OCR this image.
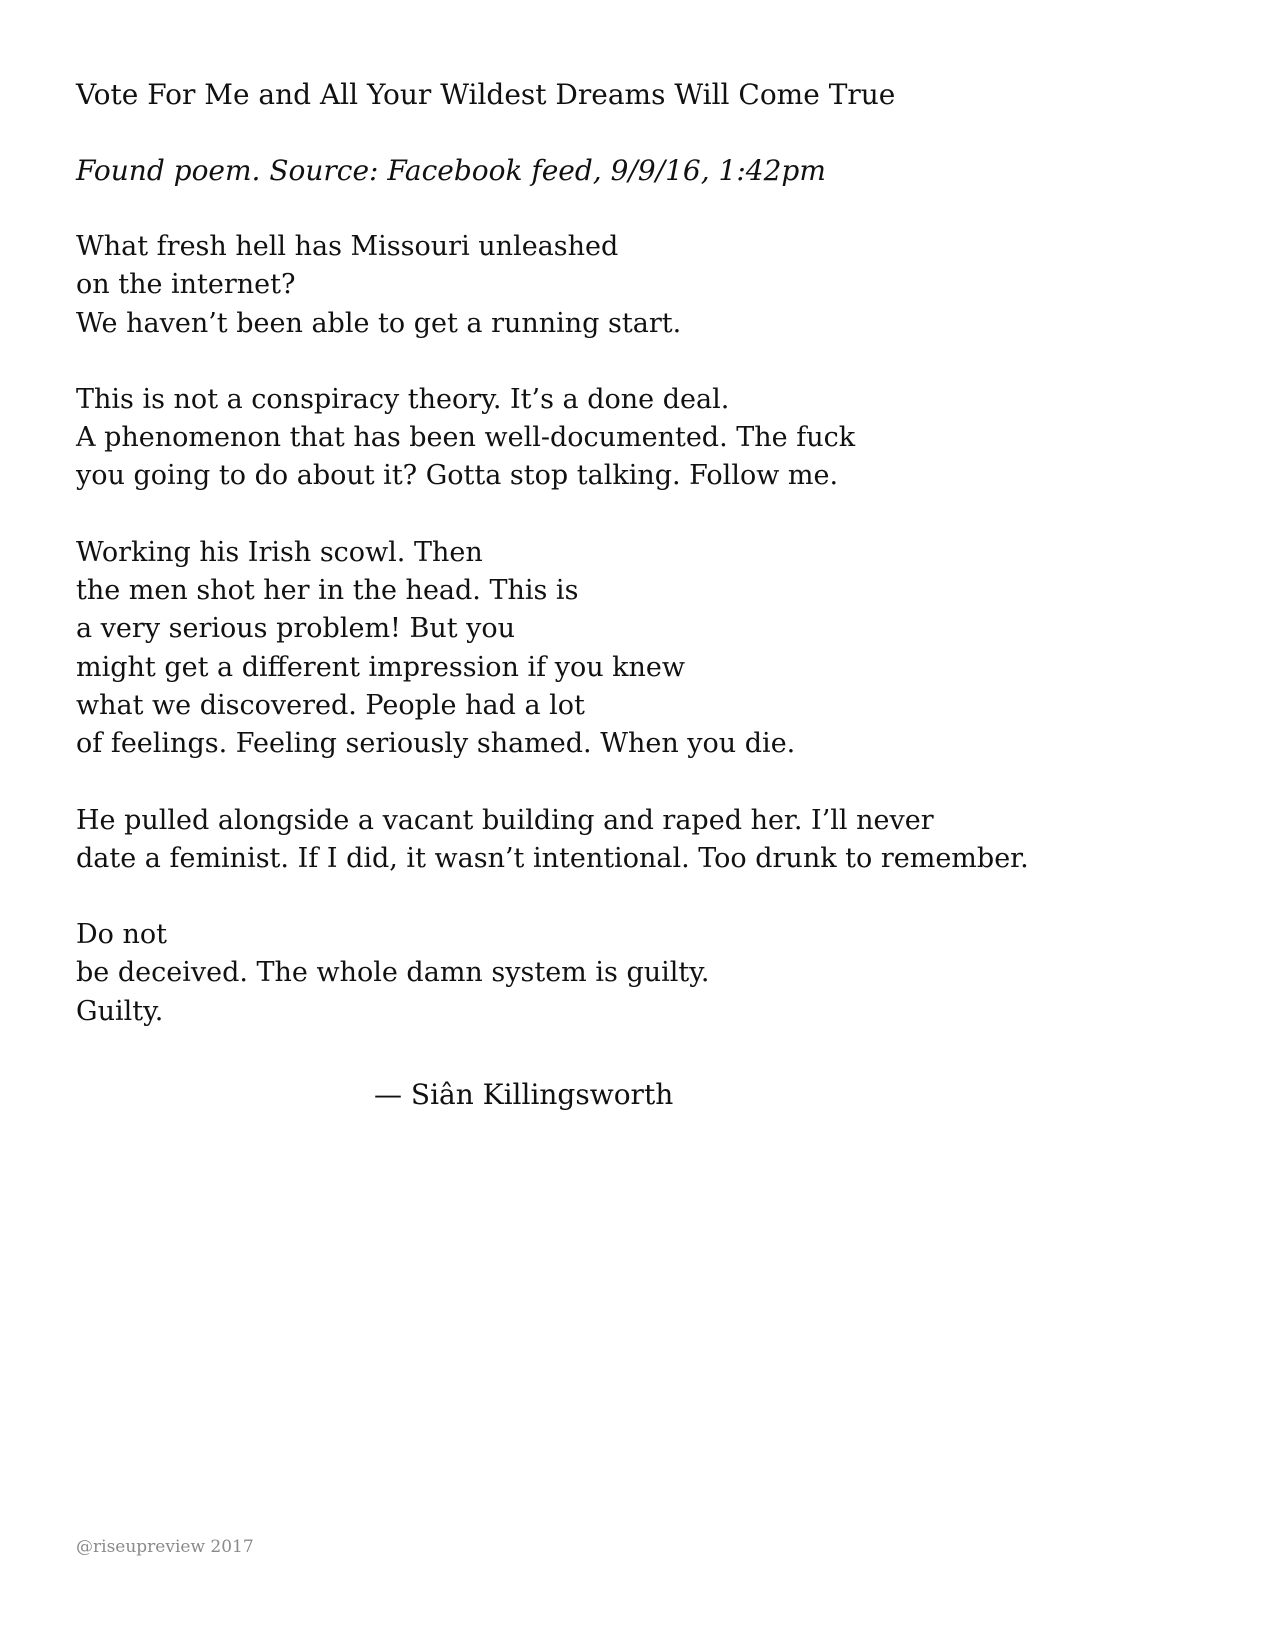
Vote For Me and All Your Wildest Dreams Will Come True

Found poem. Source: Facebook feed, 9/9/16, 1:42pm

What fresh hell has Missouri unleashed
on the internet?
We haven’t been able to get a running start.

This is not a conspiracy theory. It’s a done deal.
A phenomenon that has been well-documented. The fuck
you going to do about it? Gotta stop talking. Follow me.

Working his Irish scowl. Then
the men shot her in the head. This is
a very serious problem! But you
might get a different impression if you knew
what we discovered. People had a lot
of feelings. Feeling seriously shamed. When you die.

He pulled alongside a vacant building and raped her. I’ll never
date a feminist. If I did, it wasn’t intentional. Too drunk to remember.

Do not
be deceived. The whole damn system is guilty.
Guilty.

— Siân Killingsworth
@riseupreview 2017
